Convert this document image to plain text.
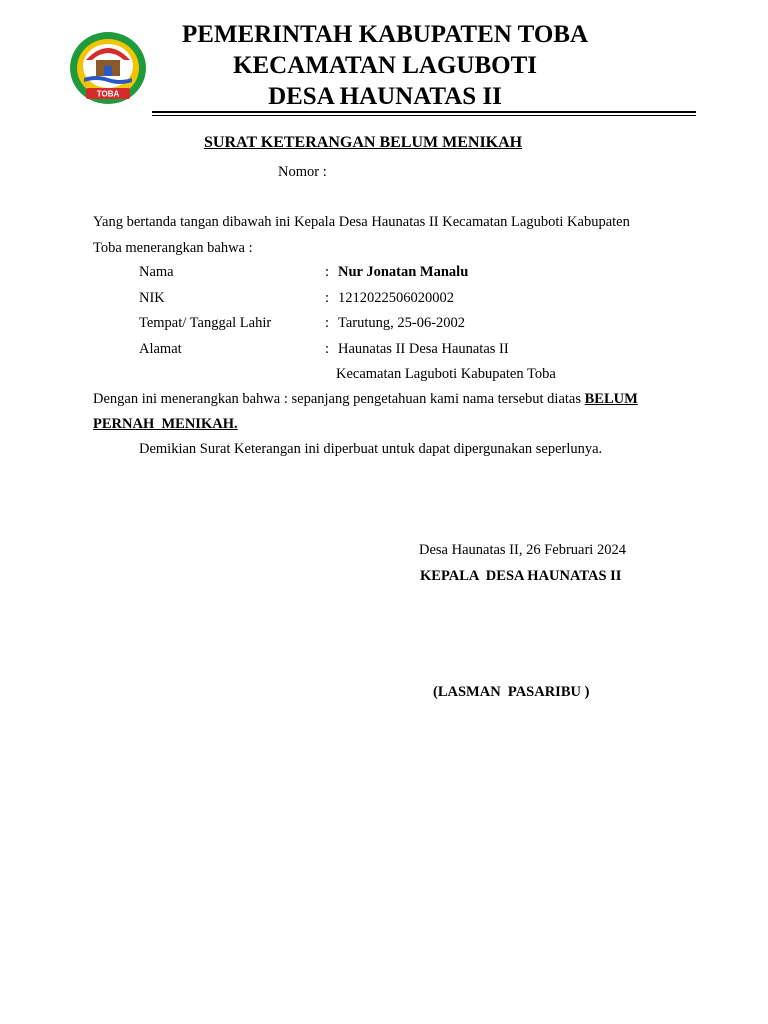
TOBA
PEMERINTAH KABUPATEN TOBA
KECAMATAN LAGUBOTI
DESA HAUNATAS II
SURAT KETERANGAN BELUM MENIKAH
Nomor :
Yang bertanda tangan dibawah ini Kepala Desa Haunatas II Kecamatan Laguboti Kabupaten
Toba menerangkan bahwa :
Nama	: Nur Jonatan Manalu
NIK	: 1212022506020002
Tempat/ Tanggal Lahir	: Tarutung, 25-06-2002
Alamat	: Haunatas II Desa Haunatas II
Kecamatan Laguboti Kabupaten Toba
Dengan ini menerangkan bahwa : sepanjang pengetahuan kami nama tersebut diatas BELUM
PERNAH  MENIKAH.
Demikian Surat Keterangan ini diperbuat untuk dapat dipergunakan seperlunya.
Desa Haunatas II, 26 Februari 2024
KEPALA  DESA HAUNATAS II
(LASMAN  PASARIBU )
